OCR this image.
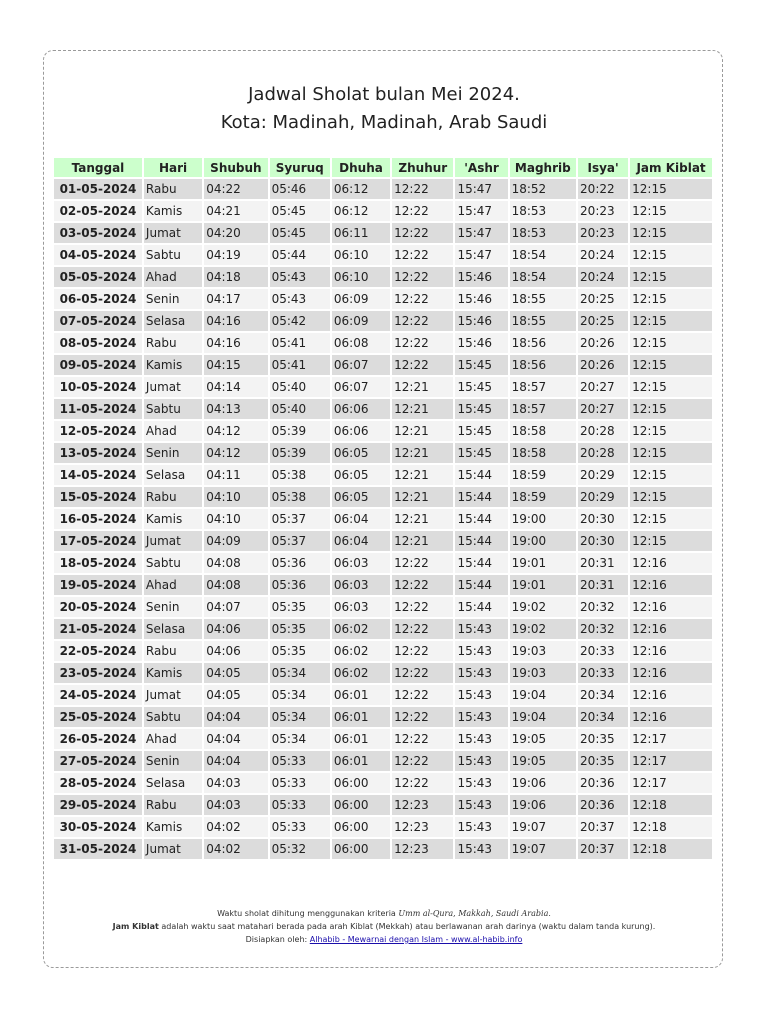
Jadwal Sholat bulan Mei 2024.
Kota: Madinah, Madinah, Arab Saudi
Tanggal	Hari	Shubuh	Syuruq	Dhuha	Zhuhur	'Ashr	Maghrib	Isya'	Jam Kiblat
01-05-2024	Rabu	04:22	05:46	06:12	12:22	15:47	18:52	20:22	12:15
02-05-2024	Kamis	04:21	05:45	06:12	12:22	15:47	18:53	20:23	12:15
03-05-2024	Jumat	04:20	05:45	06:11	12:22	15:47	18:53	20:23	12:15
04-05-2024	Sabtu	04:19	05:44	06:10	12:22	15:47	18:54	20:24	12:15
05-05-2024	Ahad	04:18	05:43	06:10	12:22	15:46	18:54	20:24	12:15
06-05-2024	Senin	04:17	05:43	06:09	12:22	15:46	18:55	20:25	12:15
07-05-2024	Selasa	04:16	05:42	06:09	12:22	15:46	18:55	20:25	12:15
08-05-2024	Rabu	04:16	05:41	06:08	12:22	15:46	18:56	20:26	12:15
09-05-2024	Kamis	04:15	05:41	06:07	12:22	15:45	18:56	20:26	12:15
10-05-2024	Jumat	04:14	05:40	06:07	12:21	15:45	18:57	20:27	12:15
11-05-2024	Sabtu	04:13	05:40	06:06	12:21	15:45	18:57	20:27	12:15
12-05-2024	Ahad	04:12	05:39	06:06	12:21	15:45	18:58	20:28	12:15
13-05-2024	Senin	04:12	05:39	06:05	12:21	15:45	18:58	20:28	12:15
14-05-2024	Selasa	04:11	05:38	06:05	12:21	15:44	18:59	20:29	12:15
15-05-2024	Rabu	04:10	05:38	06:05	12:21	15:44	18:59	20:29	12:15
16-05-2024	Kamis	04:10	05:37	06:04	12:21	15:44	19:00	20:30	12:15
17-05-2024	Jumat	04:09	05:37	06:04	12:21	15:44	19:00	20:30	12:15
18-05-2024	Sabtu	04:08	05:36	06:03	12:22	15:44	19:01	20:31	12:16
19-05-2024	Ahad	04:08	05:36	06:03	12:22	15:44	19:01	20:31	12:16
20-05-2024	Senin	04:07	05:35	06:03	12:22	15:44	19:02	20:32	12:16
21-05-2024	Selasa	04:06	05:35	06:02	12:22	15:43	19:02	20:32	12:16
22-05-2024	Rabu	04:06	05:35	06:02	12:22	15:43	19:03	20:33	12:16
23-05-2024	Kamis	04:05	05:34	06:02	12:22	15:43	19:03	20:33	12:16
24-05-2024	Jumat	04:05	05:34	06:01	12:22	15:43	19:04	20:34	12:16
25-05-2024	Sabtu	04:04	05:34	06:01	12:22	15:43	19:04	20:34	12:16
26-05-2024	Ahad	04:04	05:34	06:01	12:22	15:43	19:05	20:35	12:17
27-05-2024	Senin	04:04	05:33	06:01	12:22	15:43	19:05	20:35	12:17
28-05-2024	Selasa	04:03	05:33	06:00	12:22	15:43	19:06	20:36	12:17
29-05-2024	Rabu	04:03	05:33	06:00	12:23	15:43	19:06	20:36	12:18
30-05-2024	Kamis	04:02	05:33	06:00	12:23	15:43	19:07	20:37	12:18
31-05-2024	Jumat	04:02	05:32	06:00	12:23	15:43	19:07	20:37	12:18
Waktu sholat dihitung menggunakan kriteria Umm al-Qura, Makkah, Saudi Arabia.
Jam Kiblat adalah waktu saat matahari berada pada arah Kiblat (Mekkah) atau berlawanan arah darinya (waktu dalam tanda kurung).
Disiapkan oleh: Alhabib - Mewarnai dengan Islam - www.al-habib.info
